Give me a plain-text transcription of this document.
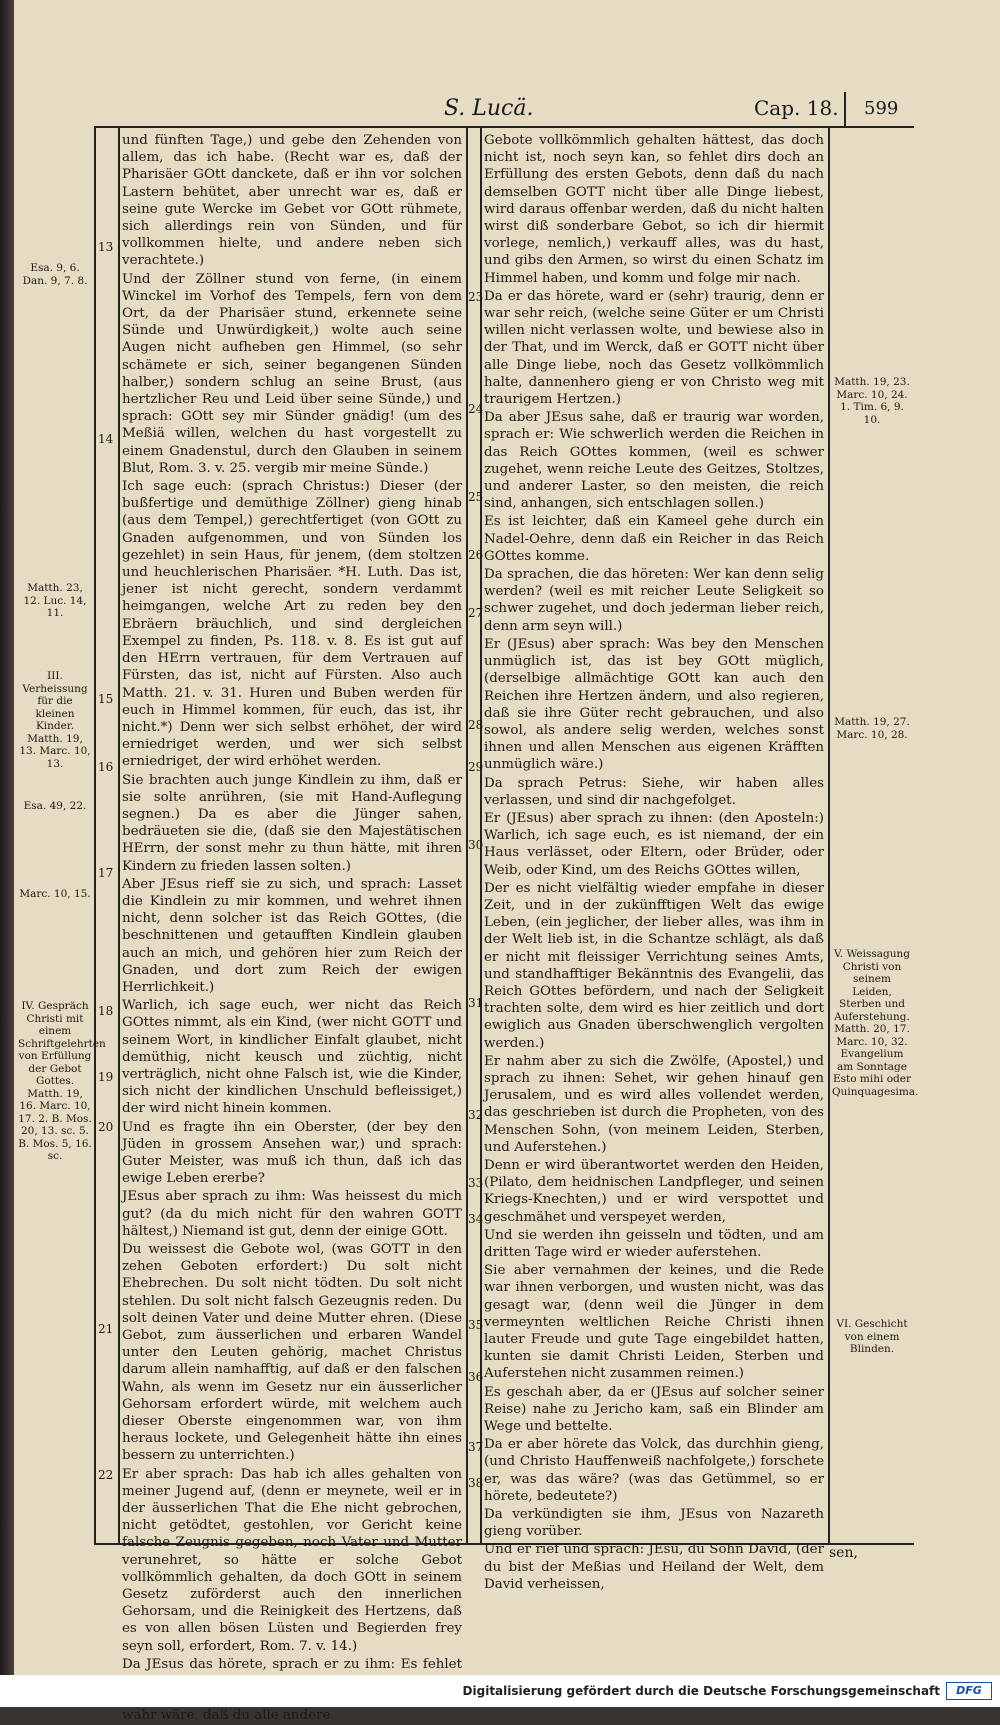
S. Lucä.	Cap. 18. 599
Esa. 9, 6. Dan. 9, 7. 8.
Matth. 23, 12. Luc. 14, 11.
III. Verheissung für die kleinen Kinder. Matth. 19, 13. Marc. 10, 13.
Esa. 49, 22.
Marc. 10, 15.
IV. Gespräch Christi mit einem Schriftgelehrten von Erfüllung der Gebot Gottes. Matth. 19, 16. Marc. 10, 17. 2. B. Mos. 20, 13. sc. 5. B. Mos. 5, 16. sc.
Matth. 19, 23. Marc. 10, 24. 1. Tim. 6, 9. 10.
Matth. 19, 27. Marc. 10, 28.
V. Weissagung Christi von seinem Leiden, Sterben und Auferstehung. Matth. 20, 17. Marc. 10, 32. Evangelium am Sonntage Esto mihi oder Quinquagesima.
VI. Geschicht von einem Blinden.

und fünften Tage,) und gebe den Zehenden von allem, das ich habe. (Recht war es, daß der Pharisäer GOtt danckete, daß er ihn vor solchen Lastern behütet, aber unrecht war es, daß er seine gute Wercke im Gebet vor GOtt rühmete, sich allerdings rein von Sünden, und für vollkommen hielte, und andere neben sich verachtete.)

Und der Zöllner stund von ferne, (in einem Winckel im Vorhof des Tempels, fern von dem Ort, da der Pharisäer stund, erkennete seine Sünde und Unwürdigkeit,) wolte auch seine Augen nicht aufheben gen Himmel, (so sehr schämete er sich, seiner begangenen Sünden halber,) sondern schlug an seine Brust, (aus hertzlicher Reu und Leid über seine Sünde,) und sprach: GOtt sey mir Sünder gnädig! (um des Meßiä willen, welchen du hast vorgestellt zu einem Gnadenstul, durch den Glauben in seinem Blut, Rom. 3. v. 25. vergib mir meine Sünde.)

Ich sage euch: (sprach Christus:) Dieser (der bußfertige und demüthige Zöllner) gieng hinab (aus dem Tempel,) gerechtfertiget (von GOtt zu Gnaden aufgenommen, und von Sünden los gezehlet) in sein Haus, für jenem, (dem stoltzen und heuchlerischen Pharisäer. *H. Luth. Das ist, jener ist nicht gerecht, sondern verdammt heimgangen, welche Art zu reden bey den Ebräern bräuchlich, und sind dergleichen Exempel zu finden, Ps. 118. v. 8. Es ist gut auf den HErrn vertrauen, für dem Vertrauen auf Fürsten, das ist, nicht auf Fürsten. Also auch Matth. 21. v. 31. Huren und Buben werden für euch in Himmel kommen, für euch, das ist, ihr nicht.*) Denn wer sich selbst erhöhet, der wird erniedriget werden, und wer sich selbst erniedriget, der wird erhöhet werden.

Sie brachten auch junge Kindlein zu ihm, daß er sie solte anrühren, (sie mit Hand-Auflegung segnen.) Da es aber die Jünger sahen, bedräueten sie die, (daß sie den Majestätischen HErrn, der sonst mehr zu thun hätte, mit ihren Kindern zu frieden lassen solten.)

Aber JEsus rieff sie zu sich, und sprach: Lasset die Kindlein zu mir kommen, und wehret ihnen nicht, denn solcher ist das Reich GOttes, (die beschnittenen und getaufften Kindlein glauben auch an mich, und gehören hier zum Reich der Gnaden, und dort zum Reich der ewigen Herrlichkeit.)

Warlich, ich sage euch, wer nicht das Reich GOttes nimmt, als ein Kind, (wer nicht GOTT und seinem Wort, in kindlicher Einfalt glaubet, nicht demüthig, nicht keusch und züchtig, nicht verträglich, nicht ohne Falsch ist, wie die Kinder, sich nicht der kindlichen Unschuld befleissiget,) der wird nicht hinein kommen.

Und es fragte ihn ein Oberster, (der bey den Jüden in grossem Ansehen war,) und sprach: Guter Meister, was muß ich thun, daß ich das ewige Leben ererbe?

JEsus aber sprach zu ihm: Was heissest du mich gut? (da du mich nicht für den wahren GOTT hältest,) Niemand ist gut, denn der einige GOtt.

Du weissest die Gebote wol, (was GOTT in den zehen Geboten erfordert:) Du solt nicht Ehebrechen. Du solt nicht tödten. Du solt nicht stehlen. Du solt nicht falsch Gezeugnis reden. Du solt deinen Vater und deine Mutter ehren. (Diese Gebot, zum äusserlichen und erbaren Wandel unter den Leuten gehörig, machet Christus darum allein namhafftig, auf daß er den falschen Wahn, als wenn im Gesetz nur ein äusserlicher Gehorsam erfordert würde, mit welchem auch dieser Oberste eingenommen war, von ihm heraus lockete, und Gelegenheit hätte ihn eines bessern zu unterrichten.)

Er aber sprach: Das hab ich alles gehalten von meiner Jugend auf, (denn er meynete, weil er in der äusserlichen That die Ehe nicht gebrochen, nicht getödtet, gestohlen, vor Gericht keine falsche Zeugnis gegeben, noch Vater und Mutter verunehret, so hätte er solche Gebot vollkömmlich gehalten, da doch GOtt in seinem Gesetz zuförderst auch den innerlichen Gehorsam, und die Reinigkeit des Hertzens, daß es von allen bösen Lüsten und Begierden frey seyn soll, erfordert, Rom. 7. v. 14.)

Da JEsus das hörete, sprach er zu ihm: Es fehlet wahr wäre, daß du alle andere

13
14
15
16
17
18
19
20
21
22

Gebote vollkömmlich gehalten hättest, das doch nicht ist, noch seyn kan, so fehlet dirs doch an Erfüllung des ersten Gebots, denn daß du nach demselben GOTT nicht über alle Dinge liebest, wird daraus offenbar werden, daß du nicht halten wirst diß sonderbare Gebot, so ich dir hiermit vorlege, nemlich,) verkauff alles, was du hast, und gibs den Armen, so wirst du einen Schatz im Himmel haben, und komm und folge mir nach.

Da er das hörete, ward er (sehr) traurig, denn er war sehr reich, (welche seine Güter er um Christi willen nicht verlassen wolte, und bewiese also in der That, und im Werck, daß er GOTT nicht über alle Dinge liebe, noch das Gesetz vollkömmlich halte, dannenhero gieng er von Christo weg mit traurigem Hertzen.)

Da aber JEsus sahe, daß er traurig war worden, sprach er: Wie schwerlich werden die Reichen in das Reich GOttes kommen, (weil es schwer zugehet, wenn reiche Leute des Geitzes, Stoltzes, und anderer Laster, so den meisten, die reich sind, anhangen, sich entschlagen sollen.)

Es ist leichter, daß ein Kameel gehe durch ein Nadel-Oehre, denn daß ein Reicher in das Reich GOttes komme.

Da sprachen, die das höreten: Wer kan denn selig werden? (weil es mit reicher Leute Seligkeit so schwer zugehet, und doch jederman lieber reich, denn arm seyn will.)

Er (JEsus) aber sprach: Was bey den Menschen unmüglich ist, das ist bey GOtt müglich, (derselbige allmächtige GOtt kan auch den Reichen ihre Hertzen ändern, und also regieren, daß sie ihre Güter recht gebrauchen, und also sowol, als andere selig werden, welches sonst ihnen und allen Menschen aus eigenen Kräfften unmüglich wäre.)

Da sprach Petrus: Siehe, wir haben alles verlassen, und sind dir nachgefolget.

Er (JEsus) aber sprach zu ihnen: (den Aposteln:) Warlich, ich sage euch, es ist niemand, der ein Haus verlässet, oder Eltern, oder Brüder, oder Weib, oder Kind, um des Reichs GOttes willen,

Der es nicht vielfältig wieder empfahe in dieser Zeit, und in der zukünfftigen Welt das ewige Leben, (ein jeglicher, der lieber alles, was ihm in der Welt lieb ist, in die Schantze schlägt, als daß er nicht mit fleissiger Verrichtung seines Amts, und standhafftiger Bekänntnis des Evangelii, das Reich GOttes befördern, und nach der Seligkeit trachten solte, dem wird es hier zeitlich und dort ewiglich aus Gnaden überschwenglich vergolten werden.)

Er nahm aber zu sich die Zwölfe, (Apostel,) und sprach zu ihnen: Sehet, wir gehen hinauf gen Jerusalem, und es wird alles vollendet werden, das geschrieben ist durch die Propheten, von des Menschen Sohn, (von meinem Leiden, Sterben, und Auferstehen.)

Denn er wird überantwortet werden den Heiden, (Pilato, dem heidnischen Landpfleger, und seinen Kriegs-Knechten,) und er wird verspottet und geschmähet und verspeyet werden,

Und sie werden ihn geisseln und tödten, und am dritten Tage wird er wieder auferstehen.

Sie aber vernahmen der keines, und die Rede war ihnen verborgen, und wusten nicht, was das gesagt war, (denn weil die Jünger in dem vermeynten weltlichen Reiche Christi ihnen lauter Freude und gute Tage eingebildet hatten, kunten sie damit Christi Leiden, Sterben und Auferstehen nicht zusammen reimen.)

Es geschah aber, da er (JEsus auf solcher seiner Reise) nahe zu Jericho kam, saß ein Blinder am Wege und bettelte.

Da er aber hörete das Volck, das durchhin gieng, (und Christo Hauffenweiß nachfolgete,) forschete er, was das wäre? (was das Getümmel, so er hörete, bedeutete?)

Da verkündigten sie ihm, JEsus von Nazareth gieng vorüber.

Und er rief und sprach: JEsu, du Sohn David, (der du bist der Meßias und Heiland der Welt, dem David verheissen,

23
24
25
26
27
28
29
30
31
32
33
34
35
36
37
38
sen,
Digitalisierung gefördert durch die Deutsche Forschungsgemeinschaft	DFG
